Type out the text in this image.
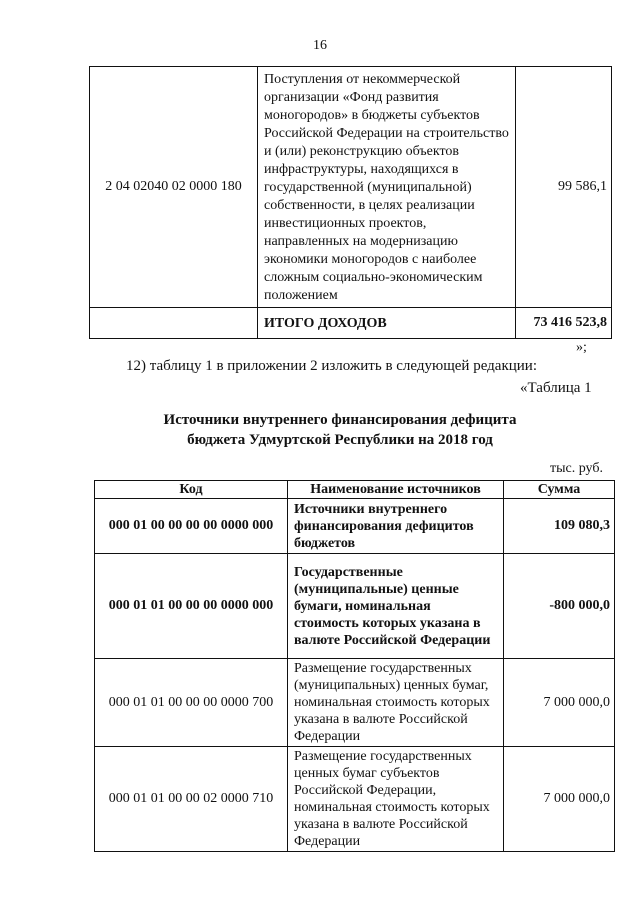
16
2 04 02040 02 0000 180	Поступления от некоммерческой организации «Фонд развития моногородов» в бюджеты субъектов Российской Федерации на строительство и (или) реконструкцию объектов инфраструктуры, находящихся в государственной (муниципальной) собственности, в целях реализации инвестиционных проектов, направленных на модернизацию экономики моногородов с наиболее сложным социально-экономическим положением	99 586,1
	ИТОГО ДОХОДОВ	73 416 523,8
»;
12) таблицу 1 в приложении 2 изложить в следующей редакции:
«Таблица 1
Источники внутреннего финансирования дефицита
бюджета Удмуртской Республики на 2018 год
тыс. руб.
Код	Наименование источников	Сумма
000 01 00 00 00 00 0000 000	Источники внутреннего финансирования дефицитов бюджетов	109 080,3
000 01 01 00 00 00 0000 000	Государственные (муниципальные) ценные бумаги, номинальная стоимость которых указана в валюте Российской Федерации	-800 000,0
000 01 01 00 00 00 0000 700	Размещение государственных (муниципальных) ценных бумаг, номинальная стоимость которых указана в валюте Российской Федерации	7 000 000,0
000 01 01 00 00 02 0000 710	Размещение государственных ценных бумаг субъектов Российской Федерации, номинальная стоимость которых указана в валюте Российской Федерации	7 000 000,0
